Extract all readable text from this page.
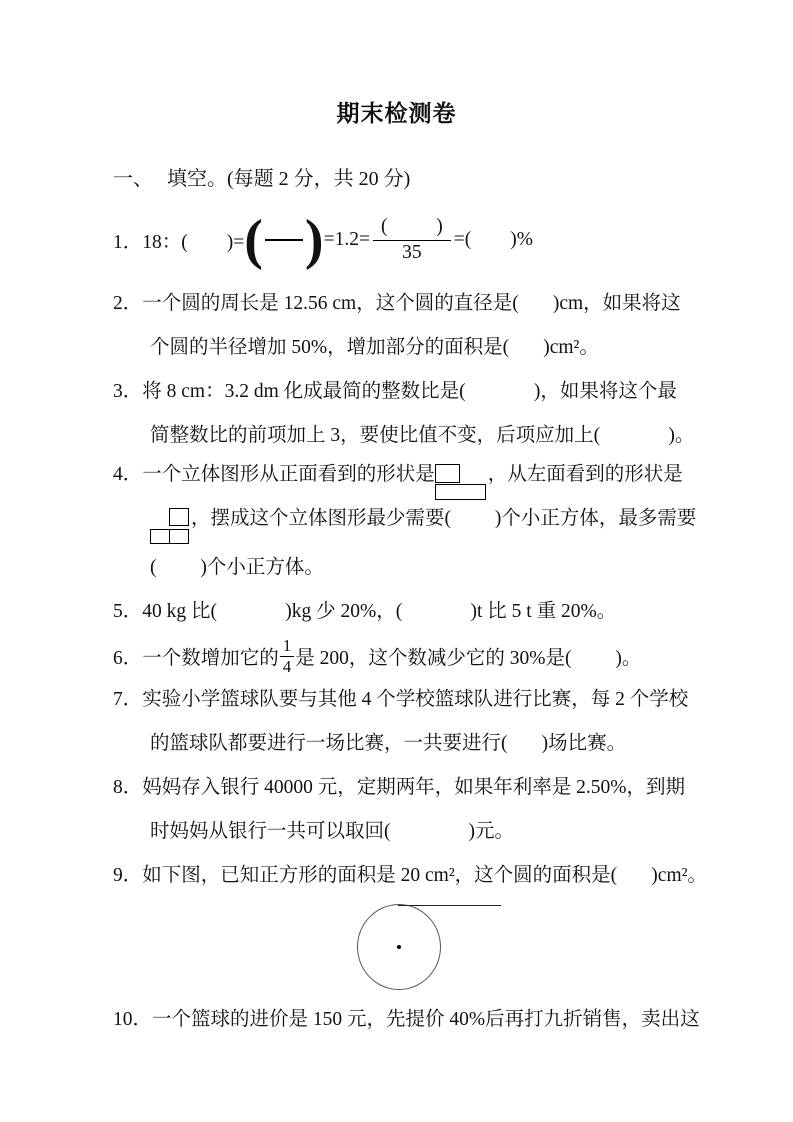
期末检测卷
一、 填空。(每题 2 分，共 20 分)
1． 18：(        )= ( ) $=1.2= \frac{( )}{35}$ =(        )%
2．一个圆的周长是 12.56 cm，这个圆的直径是(       )cm，如果将这
个圆的半径增加 50%，增加部分的面积是(       )cm²。
3．将 8 cm：3.2 dm 化成最简的整数比是(              )，如果将这个最
简整数比的前项加上 3，要使比值不变，后项应加上(              )。
4． 一个立体图形从正面看到的形状是

	，从左面看到的形状是

，摆成这个立体图形最少需要(         )个小正方体，最多需要
(         )个小正方体。
5．40 kg 比(              )kg 少 20%，(              )t 比 5 t 重 20%。
6． 一个数增加它的 $\frac{1}{4}$ 是 200，这个数减少它的 30%是(         )。
7．实验小学篮球队要与其他 4 个学校篮球队进行比赛，每 2 个学校
的篮球队都要进行一场比赛，一共要进行(       )场比赛。
8．妈妈存入银行 40000 元，定期两年，如果年利率是 2.50%，到期
时妈妈从银行一共可以取回(                )元。
9．如下图，已知正方形的面积是 20 cm²，这个圆的面积是(       )cm²。
10．一个篮球的进价是 150 元，先提价 40%后再打九折销售，卖出这
